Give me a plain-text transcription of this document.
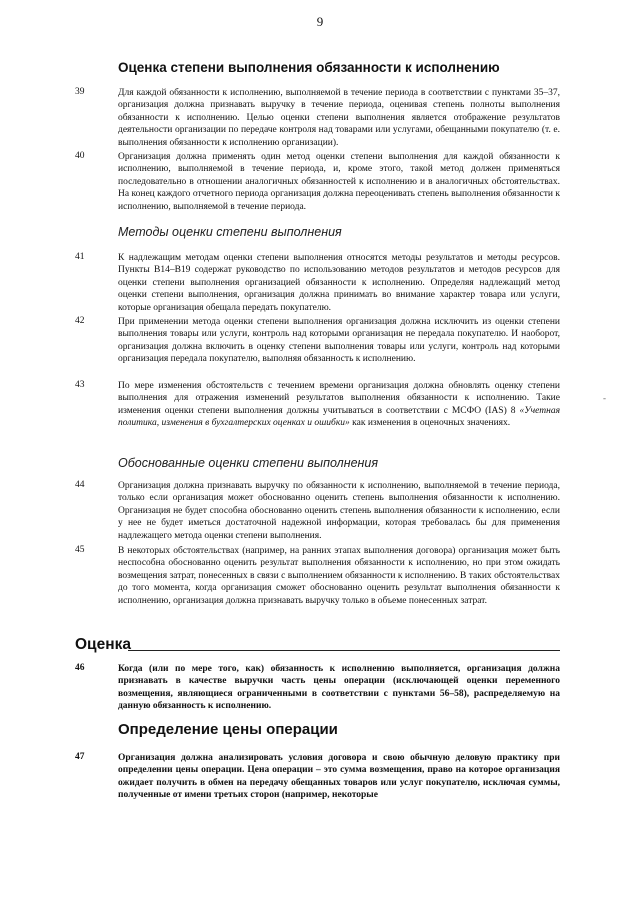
9
Оценка степени выполнения обязанности к исполнению
39	Для каждой обязанности к исполнению, выполняемой в течение периода в соответствии с пунктами 35–37, организация должна признавать выручку в течение периода, оценивая степень полноты выполнения обязанности к исполнению. Целью оценки степени выполнения является отображение результатов деятельности организации по передаче контроля над товарами или услугами, обещанными покупателю (т. е. выполнения обязанности к исполнению организации).
40	Организация должна применять один метод оценки степени выполнения для каждой обязанности к исполнению, выполняемой в течение периода, и, кроме этого, такой метод должен применяться последовательно в отношении аналогичных обязанностей к исполнению и в аналогичных обстоятельствах. На конец каждого отчетного периода организация должна переоценивать степень выполнения обязанности к исполнению, выполняемой в течение периода.
Методы оценки степени выполнения
41	К надлежащим методам оценки степени выполнения относятся методы результатов и методы ресурсов. Пункты B14–B19 содержат руководство по использованию методов результатов и методов ресурсов для оценки степени выполнения организацией обязанности к исполнению. Определяя надлежащий метод оценки степени выполнения, организация должна принимать во внимание характер товара или услуги, которые организация обещала передать покупателю.
42	При применении метода оценки степени выполнения организация должна исключить из оценки степени выполнения товары или услуги, контроль над которыми организация не передала покупателю. И наоборот, организация должна включить в оценку степени выполнения товары или услуги, контроль над которыми организация передала покупателю, выполняя обязанность к исполнению.
43	По мере изменения обстоятельств с течением времени организация должна обновлять оценку степени выполнения для отражения изменений результатов выполнения обязанности к исполнению. Такие изменения оценки степени выполнения должны учитываться в соответствии с МСФО (IAS) 8 «Учетная политика, изменения в бухгалтерских оценках и ошибки» как изменения в оценочных значениях.
-
Обоснованные оценки степени выполнения
44	Организация должна признавать выручку по обязанности к исполнению, выполняемой в течение периода, только если организация может обоснованно оценить степень выполнения обязанности к исполнению. Организация не будет способна обоснованно оценить степень выполнения обязанности к исполнению, если у нее не будет иметься достаточной надежной информации, которая требовалась бы для применения надлежащего метода оценки степени выполнения.
45	В некоторых обстоятельствах (например, на ранних этапах выполнения договора) организация может быть неспособна обоснованно оценить результат выполнения обязанности к исполнению, но при этом ожидать возмещения затрат, понесенных в связи с выполнением обязанности к исполнению. В таких обстоятельствах до того момента, когда организация сможет обоснованно оценить результат выполнения обязанности к исполнению, организация должна признавать выручку только в объеме понесенных затрат.
Оценка
46	Когда (или по мере того, как) обязанность к исполнению выполняется, организация должна признавать в качестве выручки часть цены операции (исключающей оценки переменного возмещения, являющиеся ограниченными в соответствии с пунктами 56–58), распределяемую на данную обязанность к исполнению.
Определение цены операции
47	Организация должна анализировать условия договора и свою обычную деловую практику при определении цены операции. Цена операции – это сумма возмещения, право на которое организация ожидает получить в обмен на передачу обещанных товаров или услуг покупателю, исключая суммы, полученные от имени третьих сторон (например, некоторые
